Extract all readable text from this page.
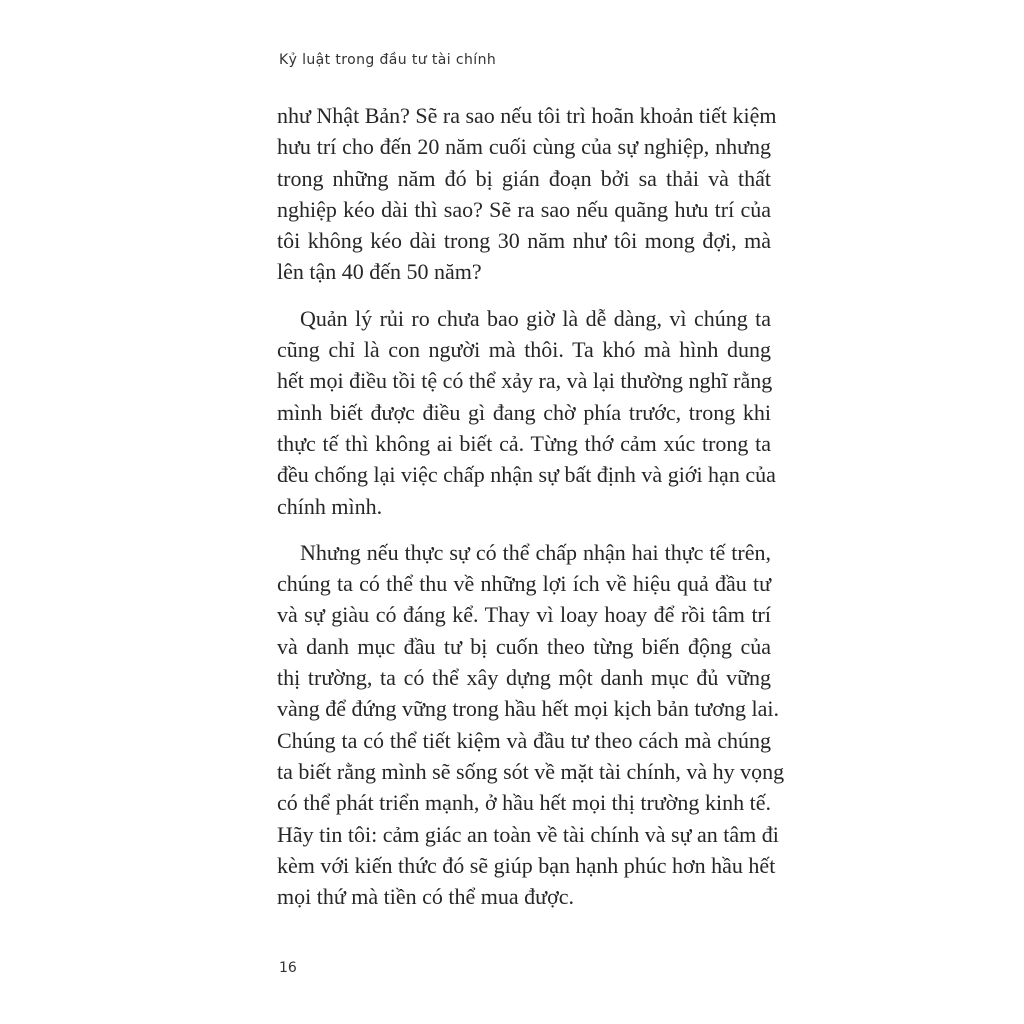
Kỷ luật trong đầu tư tài chính

như Nhật Bản? Sẽ ra sao nếu tôi trì hoãn khoản tiết kiệm
hưu trí cho đến 20 năm cuối cùng của sự nghiệp, nhưng
trong những năm đó bị gián đoạn bởi sa thải và thất
nghiệp kéo dài thì sao? Sẽ ra sao nếu quãng hưu trí của
tôi không kéo dài trong 30 năm như tôi mong đợi, mà
lên tận 40 đến 50 năm?

Quản lý rủi ro chưa bao giờ là dễ dàng, vì chúng ta
cũng chỉ là con người mà thôi. Ta khó mà hình dung
hết mọi điều tồi tệ có thể xảy ra, và lại thường nghĩ rằng
mình biết được điều gì đang chờ phía trước, trong khi
thực tế thì không ai biết cả. Từng thớ cảm xúc trong ta
đều chống lại việc chấp nhận sự bất định và giới hạn của
chính mình.

Nhưng nếu thực sự có thể chấp nhận hai thực tế trên,
chúng ta có thể thu về những lợi ích về hiệu quả đầu tư
và sự giàu có đáng kể. Thay vì loay hoay để rồi tâm trí
và danh mục đầu tư bị cuốn theo từng biến động của
thị trường, ta có thể xây dựng một danh mục đủ vững
vàng để đứng vững trong hầu hết mọi kịch bản tương lai.
Chúng ta có thể tiết kiệm và đầu tư theo cách mà chúng
ta biết rằng mình sẽ sống sót về mặt tài chính, và hy vọng
có thể phát triển mạnh, ở hầu hết mọi thị trường kinh tế.
Hãy tin tôi: cảm giác an toàn về tài chính và sự an tâm đi
kèm với kiến thức đó sẽ giúp bạn hạnh phúc hơn hầu hết
mọi thứ mà tiền có thể mua được.

16
